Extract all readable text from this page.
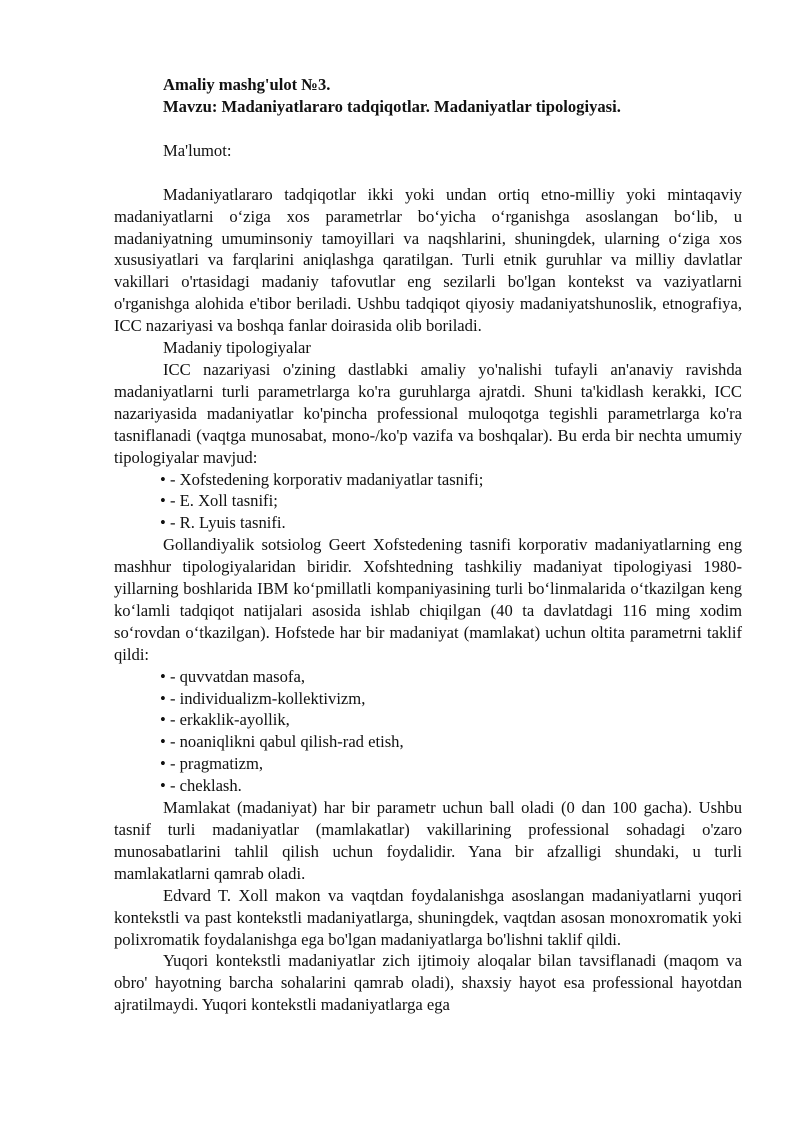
Amaliy mashg'ulot №3.
Mavzu: Madaniyatlararo tadqiqotlar. Madaniyatlar tipologiyasi.
Ma'lumot:

Madaniyatlararo tadqiqotlar ikki yoki undan ortiq etno-milliy yoki mintaqaviy madaniyatlarni o‘ziga xos parametrlar bo‘yicha o‘rganishga asoslangan bo‘lib, u madaniyatning umuminsoniy tamoyillari va naqshlarini, shuningdek, ularning o‘ziga xos xususiyatlari va farqlarini aniqlashga qaratilgan. Turli etnik guruhlar va milliy davlatlar vakillari o'rtasidagi madaniy tafovutlar eng sezilarli bo'lgan kontekst va vaziyatlarni o'rganishga alohida e'tibor beriladi. Ushbu tadqiqot qiyosiy madaniyatshunoslik, etnografiya, ICC nazariyasi va boshqa fanlar doirasida olib boriladi.

Madaniy tipologiyalar

ICC nazariyasi o'zining dastlabki amaliy yo'nalishi tufayli an'anaviy ravishda madaniyatlarni turli parametrlarga ko'ra guruhlarga ajratdi. Shuni ta'kidlash kerakki, ICC nazariyasida madaniyatlar ko'pincha professional muloqotga tegishli parametrlarga ko'ra tasniflanadi (vaqtga munosabat, mono-/ko'p vazifa va boshqalar). Bu erda bir nechta umumiy tipologiyalar mavjud:

• - Xofstedening korporativ madaniyatlar tasnifi;
• - E. Xoll tasnifi;
• - R. Lyuis tasnifi.

Gollandiyalik sotsiolog Geert Xofstedening tasnifi korporativ madaniyatlarning eng mashhur tipologiyalaridan biridir. Xofshtedning tashkiliy madaniyat tipologiyasi 1980-yillarning boshlarida IBM ko‘pmillatli kompaniyasining turli bo‘linmalarida o‘tkazilgan keng ko‘lamli tadqiqot natijalari asosida ishlab chiqilgan (40 ta davlatdagi 116 ming xodim so‘rovdan o‘tkazilgan). Hofstede har bir madaniyat (mamlakat) uchun oltita parametrni taklif qildi:

• - quvvatdan masofa,
• - individualizm-kollektivizm,
• - erkaklik-ayollik,
• - noaniqlikni qabul qilish-rad etish,
• - pragmatizm,
• - cheklash.

Mamlakat (madaniyat) har bir parametr uchun ball oladi (0 dan 100 gacha). Ushbu tasnif turli madaniyatlar (mamlakatlar) vakillarining professional sohadagi o'zaro munosabatlarini tahlil qilish uchun foydalidir. Yana bir afzalligi shundaki, u turli mamlakatlarni qamrab oladi.

Edvard T. Xoll makon va vaqtdan foydalanishga asoslangan madaniyatlarni yuqori kontekstli va past kontekstli madaniyatlarga, shuningdek, vaqtdan asosan monoxromatik yoki polixromatik foydalanishga ega bo'lgan madaniyatlarga bo'lishni taklif qildi.

Yuqori kontekstli madaniyatlar zich ijtimoiy aloqalar bilan tavsiflanadi (maqom va obro' hayotning barcha sohalarini qamrab oladi), shaxsiy hayot esa professional hayotdan ajratilmaydi. Yuqori kontekstli madaniyatlarga ega
